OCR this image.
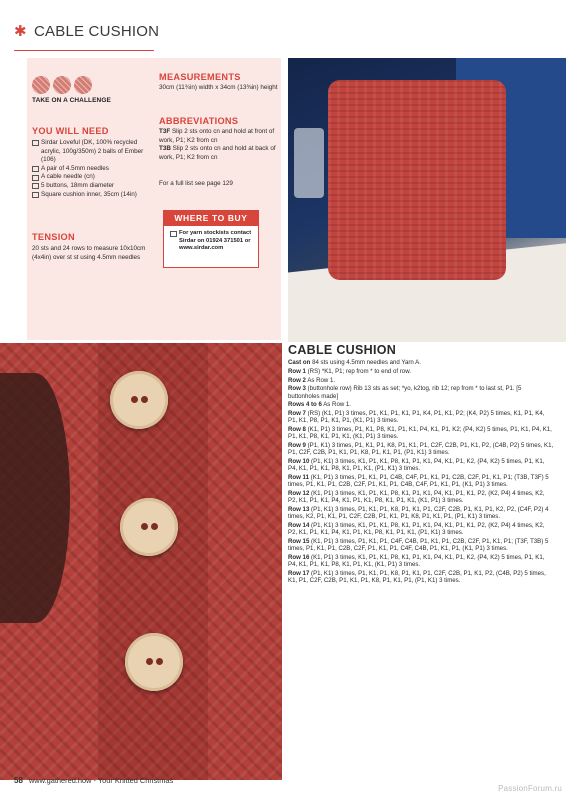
✱ CABLE CUSHION
TAKE ON A CHALLENGE
YOU WILL NEED
Sirdar Loveful (DK, 100% recycled acrylic, 100g/350m) 2 balls of Ember (106)
A pair of 4.5mm needles
A cable needle (cn)
5 buttons, 18mm diameter
Square cushion inner, 35cm (14in)
TENSION
20 sts and 24 rows to measure 10x10cm (4x4in) over st st using 4.5mm needles
MEASUREMENTS
30cm (11¾in) width x 34cm (13⅜in) height
ABBREVIATIONS
T3F Slip 2 sts onto cn and hold at front of work, P1; K2 from cn
T3B Slip 2 sts onto cn and hold at back of work, P1; K2 from cn
For a full list see page 129
WHERE TO BUY
For yarn stockists contact Sirdar on 01924 371501 or www.sirdar.com
CABLE CUSHION

Cast on 84 sts using 4.5mm needles and Yarn A.

Row 1 (RS) *K1, P1; rep from * to end of row.

Row 2 As Row 1.

Row 3 (buttonhole row) Rib 13 sts as set; *yo, k2tog, rib 12; rep from * to last st, P1. [5 buttonholes made]

Rows 4 to 6 As Row 1.

Row 7 (RS) (K1, P1) 3 times, P1, K1, P1, K1, P1, K4, P1, K1, P2; (K4, P2) 5 times, K1, P1, K4, P1, K1, P8, P1, K1, P1, (K1, P1) 3 times.

Row 8 (K1, P1) 3 times, P1, K1, P8, K1, P1, K1, P4, K1, P1, K2; (P4, K2) 5 times, P1, K1, P4, K1, P1, K1, P8, K1, P1, K1, (K1, P1) 3 times.

Row 9 (P1, K1) 3 times, P1, K1, P1, K8, P1, K1, P1, C2F, C2B, P1, K1, P2, (C4B, P2) 5 times, K1, P1, C2F, C2B, P1, K1, P1, K8, P1, K1, P1, (P1, K1) 3 times.

Row 10 (P1, K1) 3 times, K1, P1, K1, P8, K1, P1, K1, P4, K1, P1, K2, (P4, K2) 5 times, P1, K1, P4, K1, P1, K1, P8, K1, P1, K1, (P1, K1) 3 times.

Row 11 (K1, P1) 3 times, P1, K1, P1, C4B, C4F, P1, K1, P1, C2B, C2F, P1, K1, P1; (T3B, T3F) 5 times, P1, K1, P1, C2B, C2F, P1, K1, P1, C4B, C4F, P1, K1, P1, (K1, P1) 3 times.

Row 12 (K1, P1) 3 times, K1, P1, K1, P8, K1, P1, K1, P4, K1, P1, K1, P2, (K2, P4) 4 times, K2, P2, K1, P1, K1, P4, K1, P1, K1, P8, K1, P1, K1, (K1, P1) 3 times.

Row 13 (P1, K1) 3 times, P1, K1, P1, K8, P1, K1, P1, C2F, C2B, P1, K1, P1, K2, P2, (C4F, P2) 4 times, K2, P1, K1, P1, C2F, C2B, P1, K1, P1, K8, P1, K1, P1, (P1, K1) 3 times.

Row 14 (P1, K1) 3 times, K1, P1, K1, P8, K1, P1, K1, P4, K1, P1, K1, P2, (K2, P4) 4 times, K2, P2, K1, P1, K1, P4, K1, P1, K1, P8, K1, P1, K1, (P1, K1) 3 times.

Row 15 (K1, P1) 3 times, P1, K1, P1, C4F, C4B, P1, K1, P1, C2B, C2F, P1, K1, P1; (T3F, T3B) 5 times, P1, K1, P1, C2B, C2F, P1, K1, P1, C4F, C4B, P1, K1, P1, (K1, P1) 3 times.

Row 16 (K1, P1) 3 times, K1, P1, K1, P8, K1, P1, K1, P4, K1, P1, K2, (P4, K2) 5 times, P1, K1, P4, K1, P1, K1, P8, K1, P1, K1, (K1, P1) 3 times.

Row 17 (P1, K1) 3 times, P1, K1, P1, K8, P1, K1, P1, C2F, C2B, P1, K1, P2, (C4B, P2) 5 times, K1, P1, C2F, C2B, P1, K1, P1, K8, P1, K1, P1, (P1, K1) 3 times.

58 www.gathered.how - Your Knitted Christmas
PassionForum.ru
